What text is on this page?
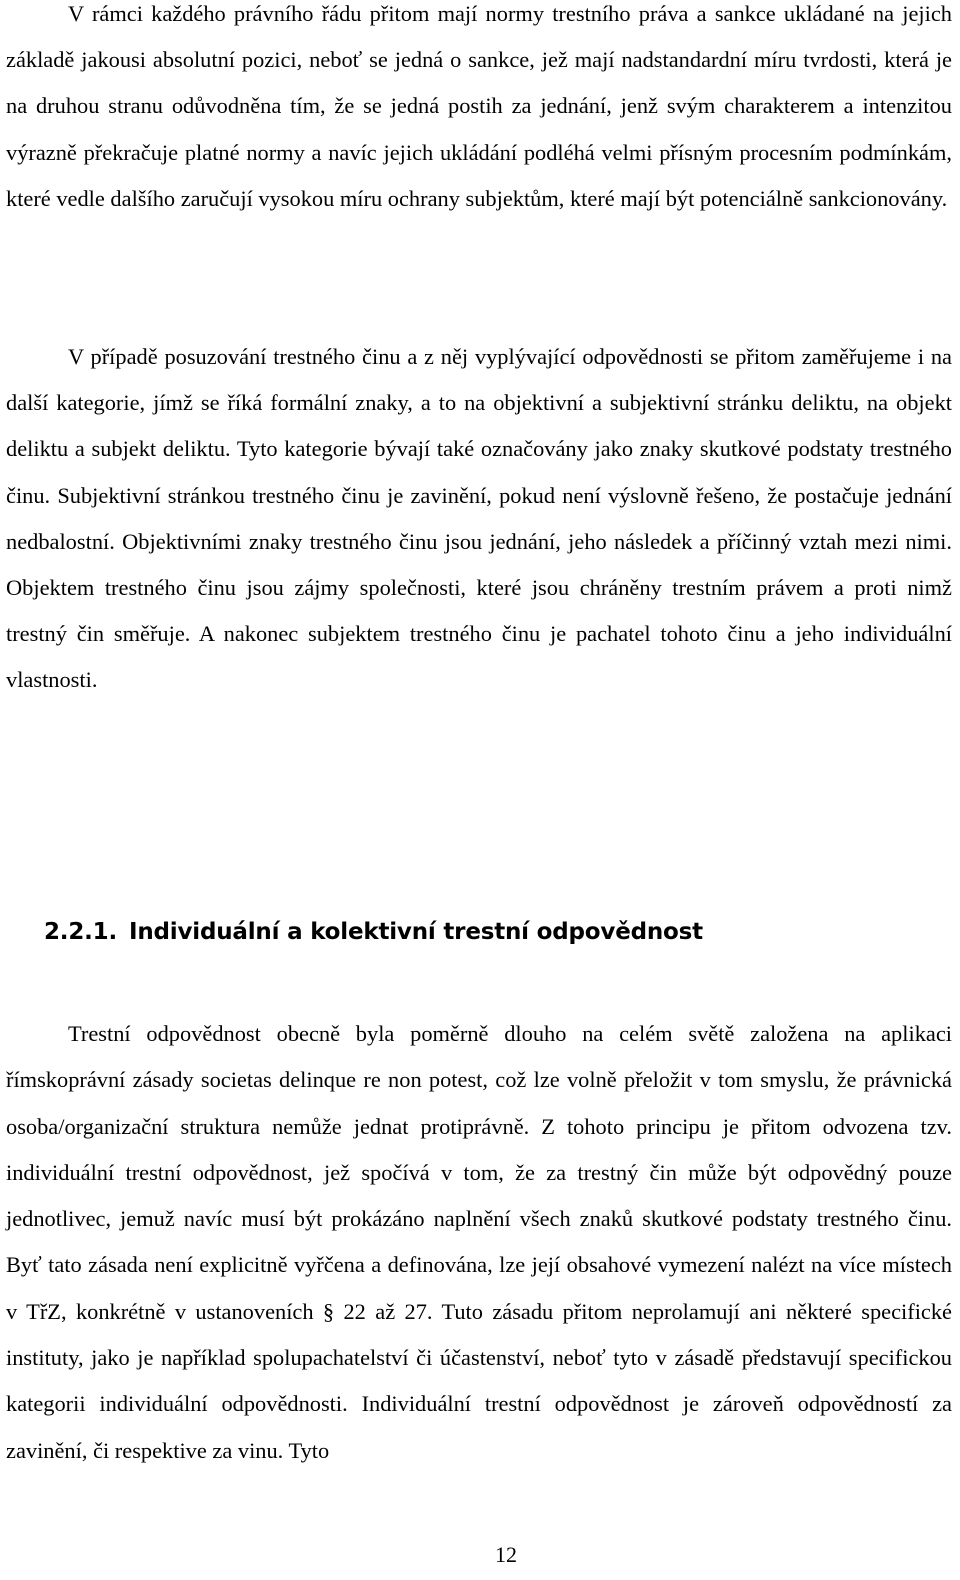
V rámci každého právního řádu přitom mají normy trestního práva a sankce ukládané na jejich základě jakousi absolutní pozici, neboť se jedná o sankce, jež mají nadstandardní míru tvrdosti, která je na druhou stranu odůvodněna tím, že se jedná postih za jednání, jenž svým charakterem a intenzitou výrazně překračuje platné normy a navíc jejich ukládání podléhá velmi přísným procesním podmínkám, které vedle dalšího zaručují vysokou míru ochrany subjektům, které mají být potenciálně sankcionovány.

V případě posuzování trestného činu a z něj vyplývající odpovědnosti se přitom zaměřujeme i na další kategorie, jímž se říká formální znaky, a to na objektivní a subjektivní stránku deliktu, na objekt deliktu a subjekt deliktu. Tyto kategorie bývají také označovány jako znaky skutkové podstaty trestného činu. Subjektivní stránkou trestného činu je zavinění, pokud není výslovně řešeno, že postačuje jednání nedbalostní. Objektivními znaky trestného činu jsou jednání, jeho následek a příčinný vztah mezi nimi. Objektem trestného činu jsou zájmy společnosti, které jsou chráněny trestním právem a proti nimž trestný čin směřuje. A nakonec subjektem trestného činu je pachatel tohoto činu a jeho individuální vlastnosti.

2.2.1. Individuální a kolektivní trestní odpovědnost

Trestní odpovědnost obecně byla poměrně dlouho na celém světě založena na aplikaci římskoprávní zásady societas delinque re non potest, což lze volně přeložit v tom smyslu, že právnická osoba/organizační struktura nemůže jednat protiprávně. Z tohoto principu je přitom odvozena tzv. individuální trestní odpovědnost, jež spočívá v tom, že za trestný čin může být odpovědný pouze jednotlivec, jemuž navíc musí být prokázáno naplnění všech znaků skutkové podstaty trestného činu. Byť tato zásada není explicitně vyřčena a definována, lze její obsahové vymezení nalézt na více místech v TřZ, konkrétně v ustanoveních § 22 až 27. Tuto zásadu přitom neprolamují ani některé specifické instituty, jako je například spolupachatelství či účastenství, neboť tyto v zásadě představují specifickou kategorii individuální odpovědnosti. Individuální trestní odpovědnost je zároveň odpovědností za zavinění, či respektive za vinu. Tyto

12
